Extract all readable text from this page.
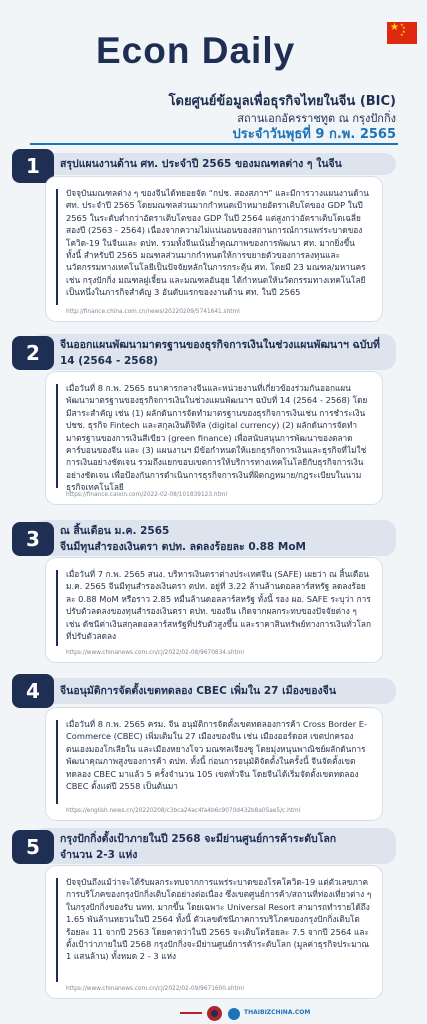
★ ★
★
★
★
Econ Daily
โดยศูนย์ข้อมูลเพื่อธุรกิจไทยในจีน (BIC)
สถานเอกอัครราชทูต ณ กรุงปักกิ่ง
ประจำวันพุธที่ 9 ก.พ. 2565
1	สรุปแผนงานด้าน ศท. ประจำปี 2565 ของมณฑลต่าง ๆ ในจีน

ปัจจุบันมณฑลต่าง ๆ ของจีนได้ทยอยจัด “กปช. สองสภาฯ” และมีการวางแผนงานด้าน ศท. ประจำปี 2565 โดยมณฑลส่วนมากกำหนดเป้าหมายอัตราเติบโตของ GDP ในปี 2565 ในระดับต่ำกว่าอัตราเติบโตของ GDP ในปี 2564 แต่สูงกว่าอัตราเติบโตเฉลี่ยสองปี (2563 - 2564) เนื่องจากความไม่แน่นอนของสถานการณ์การแพร่ระบาดของโควิด-19 ในจีนและ ตปท. รวมทั้งจีนเน้นย้ำคุณภาพของการพัฒนา ศท. มากยิ่งขึ้น ทั้งนี้ สำหรับปี 2565 มณฑลส่วนมากกำหนดให้การขยายตัวของการลงทุนและนวัตกรรมทางเทคโนโลยีเป็นปัจจัยหลักในการกระตุ้น ศท. โดยมี 23 มณฑล/มหานคร เช่น กรุงปักกิ่ง มณฑลฝูเจี้ยน และมณฑลอันฮุย ได้กำหนดให้นวัตกรรมทางเทคโนโลยีเป็นหนึ่งในภารกิจสำคัญ 3 อันดับแรกของงานด้าน ศท. ในปี 2565

http://finance.china.com.cn/news/20220209/5741641.shtml
2	จีนออกแผนพัฒนามาตรฐานของธุรกิจการเงินในช่วงแผนพัฒนาฯ ฉบับที่ 14 (2564 - 2568)

เมื่อวันที่ 8 ก.พ. 2565 ธนาคารกลางจีนและหน่วยงานที่เกี่ยวข้องร่วมกันออกแผนพัฒนามาตรฐานของธุรกิจการเงินในช่วงแผนพัฒนาฯ ฉบับที่ 14 (2564 - 2568) โดยมีสาระสำคัญ เช่น (1) ผลักดันการจัดทำมาตรฐานของธุรกิจการเงินเช่น การชำระเงิน ปชช. ธุรกิจ Fintech และสกุลเงินดิจิทัล (digital currency) (2) ผลักดันการจัดทำมาตรฐานของการเงินสีเขียว (green finance) เพื่อสนับสนุนการพัฒนาของตลาดคาร์บอนของจีน และ (3) แผนงานฯ มีข้อกำหนดให้แยกธุรกิจการเงินและธุรกิจที่ไม่ใช่การเงินอย่างชัดเจน รวมถึงแยกขอบเขตการให้บริการทางเทคโนโลยีกับธุรกิจการเงินอย่างชัดเจน เพื่อป้องกันการดำเนินการธุรกิจการเงินที่ผิดกฎหมาย/กฎระเบียบในนามธุรกิจเทคโนโลยี

https://finance.caixin.com/2022-02-08/101839123.html
3	ณ สิ้นเดือน ม.ค. 2565
จีนมีทุนสำรองเงินตรา ตปท. ลดลงร้อยละ 0.88 MoM

เมื่อวันที่ 7 ก.พ. 2565 สนง. บริหารเงินตราต่างประเทศจีน (SAFE) เผยว่า ณ สิ้นเดือน ม.ค. 2565 จีนมีทุนสำรองเงินตรา ตปท. อยู่ที่ 3.22 ล้านล้านดอลลาร์สหรัฐ ลดลงร้อยละ 0.88 MoM หรือราว 2.85 หมื่นล้านดอลลาร์สหรัฐ ทั้งนี้ รอง ผอ. SAFE ระบุว่า การปรับตัวลดลงของทุนสำรองเงินตรา ตปท. ของจีน เกิดจากผลกระทบของปัจจัยต่าง ๆ เช่น ดัชนีค่าเงินสกุลดอลลาร์สหรัฐที่ปรับตัวสูงขึ้น และราคาสินทรัพย์ทางการเงินทั่วโลกที่ปรับตัวลดลง

https://www.chinanews.com.cn/cj/2022/02-08/9670834.shtml
4	จีนอนุมัติการจัดตั้งเขตทดลอง CBEC เพิ่มใน 27 เมืองของจีน

เมื่อวันที่ 8 ก.พ. 2565 ครม. จีน อนุมัติการจัดตั้งเขตทดลองการค้า Cross Border E-Commerce (CBEC) เพิ่มเติมใน 27 เมืองของจีน เช่น เมืองออร์ดอส เขตปกครองตนเองมองโกเลียใน และเมืองหยางโจว มณฑลเจียงซู โดยมุ่งหนุนพาณิชย์ผลักดันการพัฒนาคุณภาพสูงของการค้า ตปท. ทั้งนี้ ก่อนการอนุมัติจัดตั้งในครั้งนี้ จีนจัดตั้งเขตทดลอง CBEC มาแล้ว 5 ครั้งจำนวน 105 เขตทั่วจีน โดยจีนได้เริ่มจัดตั้งเขตทดลอง CBEC ตั้งแต่ปี 2558 เป็นต้นมา

https://english.news.cn/20220208/c3bca24ac4fa4b6c9070d432b8a05ae5/c.html
5	กรุงปักกิ่งตั้งเป้าภายในปี 2568 จะมีย่านศูนย์การค้าระดับโลก
จำนวน 2-3 แห่ง

ปัจจุบันถึงแม้ว่าจะได้รับผลกระทบจากการแพร่ระบาดของโรคโควิด-19 แต่ตัวเลขภาคการบริโภคของกรุงปักกิ่งเติบโตอย่างต่อเนื่อง ซึ่งเขตศูนย์การค้า/สถานที่ท่องเที่ยวต่าง ๆ ในกรุงปักกิ่งของรับ นทท. มากขึ้น โดยเฉพาะ Universal Resort สามารถทำรายได้ถึง 1.65 พันล้านหยวนในปี 2564 ทั้งนี้ ตัวเลขดัชนีภาคการบริโภคของกรุงปักกิ่งเติบโตร้อยละ 11 จากปี 2563 โดยคาดว่าในปี 2565 จะเติบโตร้อยละ 7.5 จากปี 2564 และตั้งเป้าว่าภายในปี 2568 กรุงปักกิ่งจะมีย่านศูนย์การค้าระดับโลก (มูลค่าธุรกิจประมาณ 1 แสนล้าน) ทั้งหมด 2 - 3 แห่ง

https://www.chinanews.com.cn/cj/2022/02-09/9671600.shtml
THAIBIZCHINA.COM
